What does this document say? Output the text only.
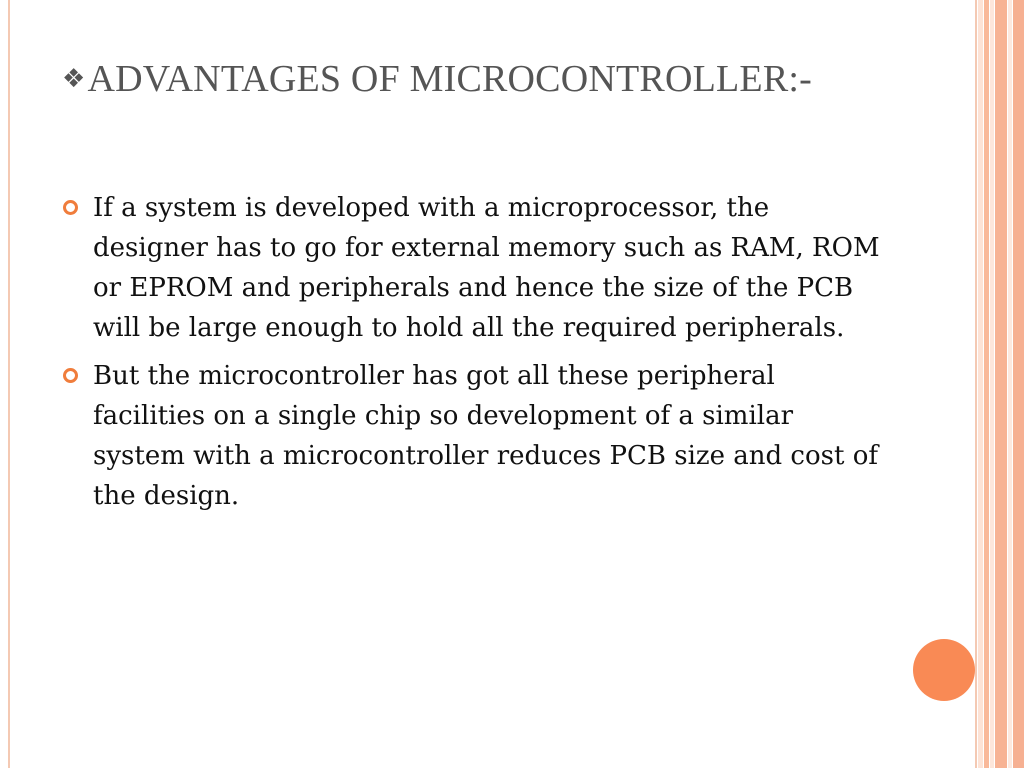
❖ADVANTAGES OF MICROCONTROLLER:-
If a system is developed with a microprocessor, the designer has to go for external memory such as RAM, ROM or EPROM and peripherals and hence the size of the PCB will be large enough to hold all the required peripherals.
But the microcontroller has got all these peripheral facilities on a single chip so development of a similar system with a microcontroller reduces PCB size and cost of the design.
